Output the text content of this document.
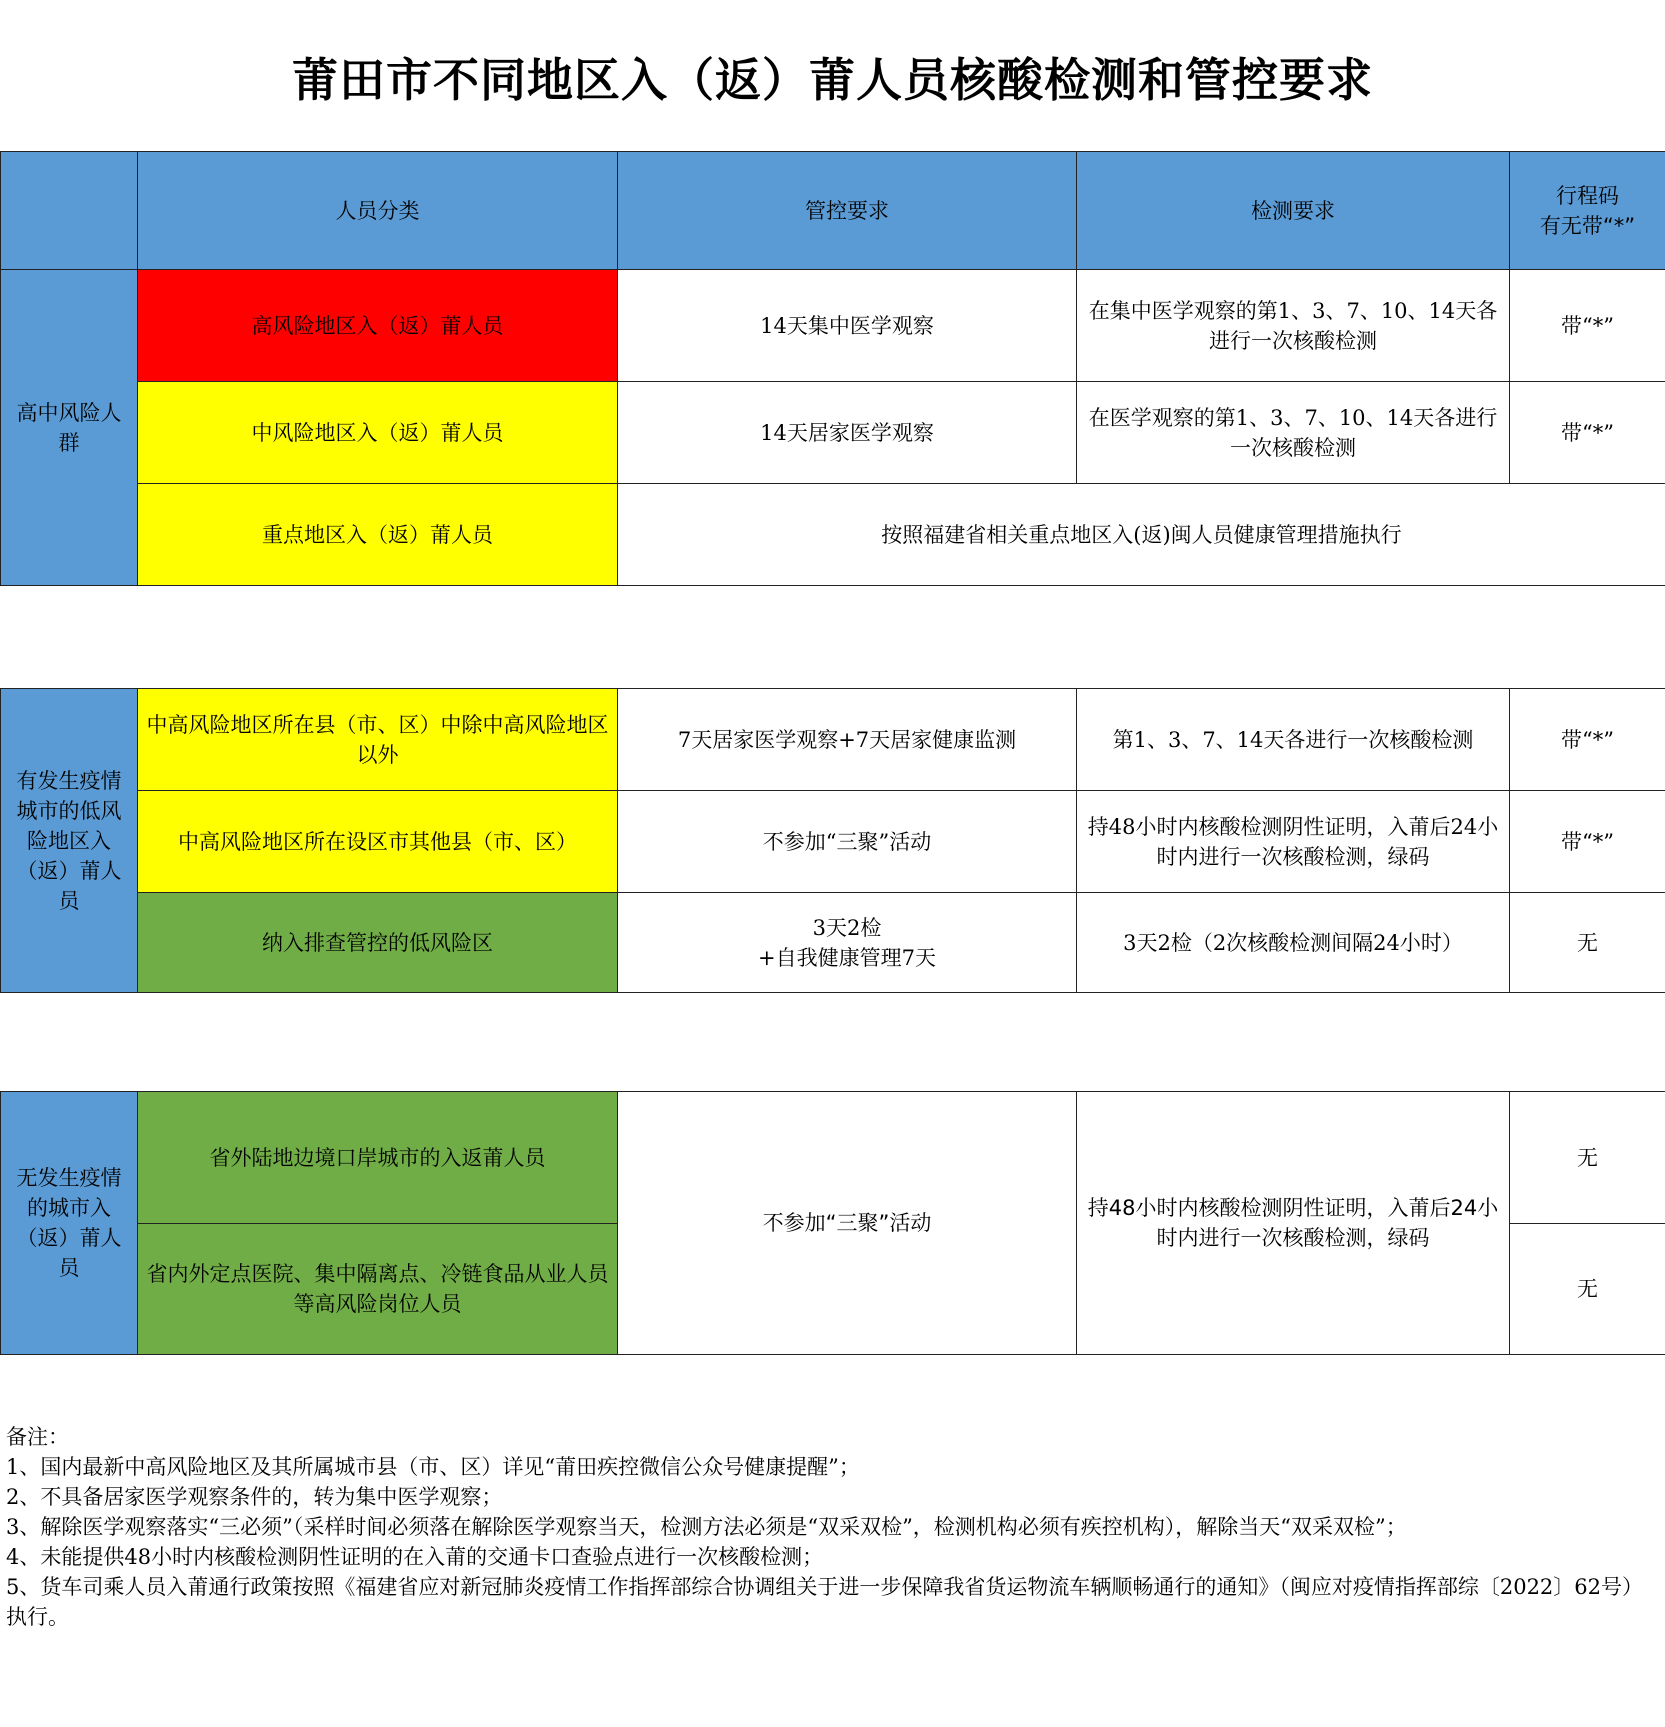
莆田市不同地区入（返）莆人员核酸检测和管控要求
	人员分类	管控要求	检测要求	行程码
有无带“*”
高中风险人群	高风险地区入（返）莆人员	14天集中医学观察	在集中医学观察的第1、3、7、10、14天各进行一次核酸检测	带“*”
	中风险地区入（返）莆人员	14天居家医学观察	在医学观察的第1、3、7、10、14天各进行一次核酸检测	带“*”
	重点地区入（返）莆人员	按照福建省相关重点地区入(返)闽人员健康管理措施执行		
有发生疫情城市的低风险地区入（返）莆人员	中高风险地区所在县（市、区）中除中高风险地区以外	7天居家医学观察+7天居家健康监测	第1、3、7、14天各进行一次核酸检测	带“*”
	中高风险地区所在设区市其他县（市、区）	不参加“三聚”活动	持48小时内核酸检测阴性证明，入莆后24小时内进行一次核酸检测，绿码	带“*”
	纳入排查管控的低风险区	3天2检
+自我健康管理7天	3天2检（2次核酸检测间隔24小时）	无
无发生疫情的城市入（返）莆人员	省外陆地边境口岸城市的入返莆人员	不参加“三聚”活动	持48小时内核酸检测阴性证明，入莆后24小时内进行一次核酸检测，绿码	无
	省内外定点医院、集中隔离点、冷链食品从业人员等高风险岗位人员			无
备注：
1、国内最新中高风险地区及其所属城市县（市、区）详见“莆田疾控微信公众号健康提醒”；
2、不具备居家医学观察条件的，转为集中医学观察；
3、解除医学观察落实“三必须”（采样时间必须落在解除医学观察当天，检测方法必须是“双采双检”，检测机构必须有疾控机构），解除当天“双采双检”；
4、未能提供48小时内核酸检测阴性证明的在入莆的交通卡口查验点进行一次核酸检测；
5、货车司乘人员入莆通行政策按照《福建省应对新冠肺炎疫情工作指挥部综合协调组关于进一步保障我省货运物流车辆顺畅通行的通知》（闽应对疫情指挥部综〔2022〕62号）执行。
